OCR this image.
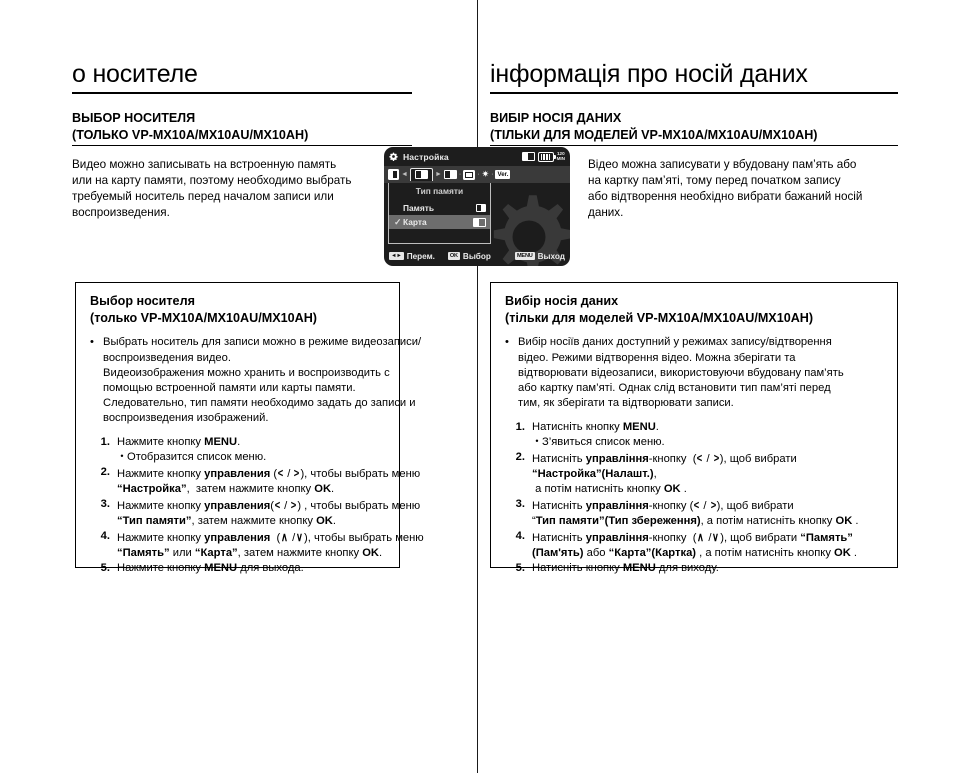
о носителе
ВЫБОР НОСИТЕЛЯ
(ТОЛЬКО VP-MX10A/MX10AU/MX10AH)
Видео можно записывать на встроенную память
или на карту памяти, поэтому необходимо выбрать
требуемый носитель перед началом записи или
воспроизведения.
Выбор носителя
(только VP-MX10A/MX10AU/MX10AH)
• Выбрать носитель для записи можно в режиме видеозаписи/
воспроизведения видео.
Видеоизображения можно хранить и воспроизводить с
помощью встроенной памяти или карты памяти.
Следовательно, тип памяти необходимо задать до записи и
воспроизведения изображений.
1. Нажмите кнопку MENU.
• Отобразится список меню.
2. Нажмите кнопку управления (< / >), чтобы выбрать меню
“Настройка”,  затем нажмите кнопку OK.
3. Нажмите кнопку управления(< / >) , чтобы выбрать меню
“Тип памяти”, затем нажмите кнопку OK.
4. Нажмите кнопку управления  (∧ /∨), чтобы выбрать меню
“Память” или “Карта”, затем нажмите кнопку OK.
5. Нажмите кнопку MENU для выхода.
інформація про носій даних
ВИБІР НОСІЯ ДАНИХ
(ТІЛЬКИ ДЛЯ МОДЕЛЕЙ VP-MX10A/MX10AU/MX10AH)
Відео можна записувати у вбудовану пам’ять або
на картку пам’яті, тому перед початком запису
або відтворення необхідно вибрати бажаний носій
даних.
Вибір носія даних
(тільки для моделей VP-MX10A/MX10AU/MX10AH)
• Вибір носіїв даних доступний у режимах запису/відтворення
відео. Режими відтворення відео. Можна зберігати та
відтворювати відеозаписи, використовуючи вбудовану пам’ять
або картку пам’яті. Однак слід встановити тип пам’яті перед
тим, як зберігати та відтворювати записи.
1. Натисніть кнопку MENU.
• З’явиться список меню.
2. Натисніть управління-кнопку  (< / >), щоб вибрати
“Настройка”(Налашт.),
а потім натисніть кнопку OK .
3. Натисніть управління-кнопку (< / >), щоб вибрати
“Тип памяти”(Тип збереження), а потім натисніть кнопку OK .
4. Натисніть управління-кнопку  (∧ /∨), щоб вибрати “Память”
(Пам'ять) або “Карта”(Картка) , а потім натисніть кнопку OK .
5. Натисніть кнопку MENU для виходу.
Настройка	120
MIN
◄	► · · ✷ · Ver.
Тип памяти
Память
✓ Карта
◄► Перем.	OK Выбор	MENU Выход
